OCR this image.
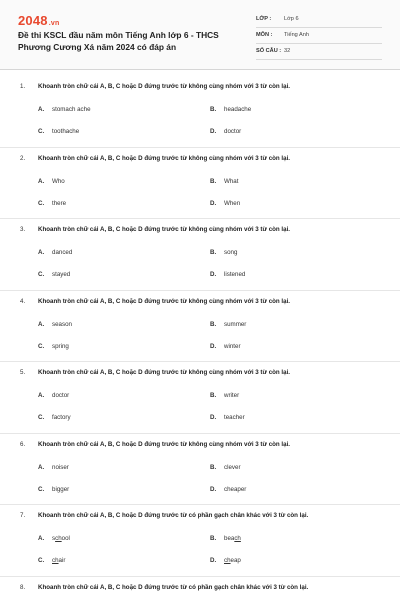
2048.vn
Đề thi KSCL đầu năm môn Tiếng Anh lớp 6 - THCS Phương Cương Xá năm 2024 có đáp án
LỚP : Lớp 6
MÔN : Tiếng Anh
SỐ CÂU : 32
1. Khoanh tròn chữ cái A, B, C hoặc D đứng trước từ không cùng nhóm với 3 từ còn lại.
A. stomach ache	B. headache
C. toothache	D. doctor
2. Khoanh tròn chữ cái A, B, C hoặc D đứng trước từ không cùng nhóm với 3 từ còn lại.
A. Who	B. What
C. there	D. When
3. Khoanh tròn chữ cái A, B, C hoặc D đứng trước từ không cùng nhóm với 3 từ còn lại.
A. danced	B. song
C. stayed	D. listened
4. Khoanh tròn chữ cái A, B, C hoặc D đứng trước từ không cùng nhóm với 3 từ còn lại.
A. season	B. summer
C. spring	D. winter
5. Khoanh tròn chữ cái A, B, C hoặc D đứng trước từ không cùng nhóm với 3 từ còn lại.
A. doctor	B. writer
C. factory	D. teacher
6. Khoanh tròn chữ cái A, B, C hoặc D đứng trước từ không cùng nhóm với 3 từ còn lại.
A. noiser	B. clever
C. bigger	D. cheaper
7. Khoanh tròn chữ cái A, B, C hoặc D đứng trước từ có phần gạch chân khác với 3 từ còn lại.
A. school	B. beach
C. chair	D. cheap
8. Khoanh tròn chữ cái A, B, C hoặc D đứng trước từ có phần gạch chân khác với 3 từ còn lại.
